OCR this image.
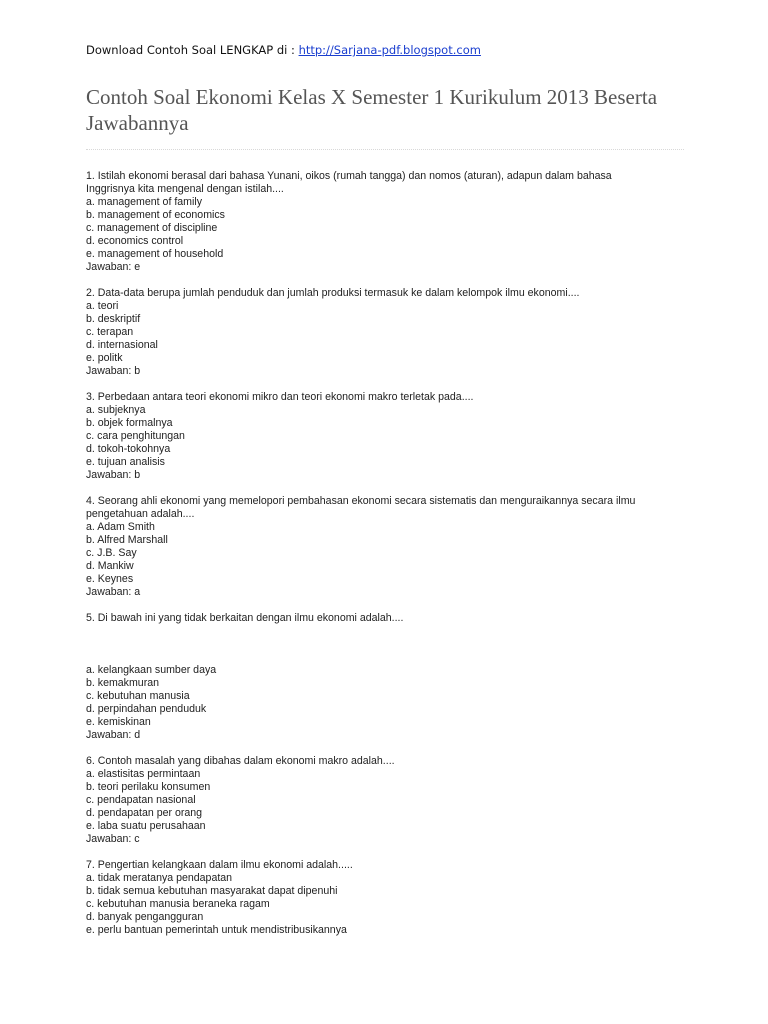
Download Contoh Soal LENGKAP di : http://Sarjana-pdf.blogspot.com
Contoh Soal Ekonomi Kelas X Semester 1 Kurikulum 2013 Beserta Jawabannya

1. Istilah ekonomi berasal dari bahasa Yunani, oikos (rumah tangga) dan nomos (aturan), adapun dalam bahasa
Inggrisnya kita mengenal dengan istilah....

a. management of family
b. management of economics
c. management of discipline
d. economics control
e. management of household

Jawaban: e

2. Data-data berupa jumlah penduduk dan jumlah produksi termasuk ke dalam kelompok ilmu ekonomi....

a. teori
b. deskriptif
c. terapan
d. internasional
e. politk

Jawaban: b

3. Perbedaan antara teori ekonomi mikro dan teori ekonomi makro terletak pada....

a. subjeknya
b. objek formalnya
c. cara penghitungan
d. tokoh-tokohnya
e. tujuan analisis

Jawaban: b

4. Seorang ahli ekonomi yang memelopori pembahasan ekonomi secara sistematis dan menguraikannya secara ilmu
pengetahuan adalah....

a. Adam Smith
b. Alfred Marshall
c. J.B. Say
d. Mankiw
e. Keynes

Jawaban: a

5. Di bawah ini yang tidak berkaitan dengan ilmu ekonomi adalah....

a. kelangkaan sumber daya
b. kemakmuran
c. kebutuhan manusia
d. perpindahan penduduk
e. kemiskinan

Jawaban: d

6. Contoh masalah yang dibahas dalam ekonomi makro adalah....

a. elastisitas permintaan
b. teori perilaku konsumen
c. pendapatan nasional
d. pendapatan per orang
e. laba suatu perusahaan

Jawaban: c

7. Pengertian kelangkaan dalam ilmu ekonomi adalah.....

a. tidak meratanya pendapatan
b. tidak semua kebutuhan masyarakat dapat dipenuhi
c. kebutuhan manusia beraneka ragam
d. banyak pengangguran
e. perlu bantuan pemerintah untuk mendistribusikannya
